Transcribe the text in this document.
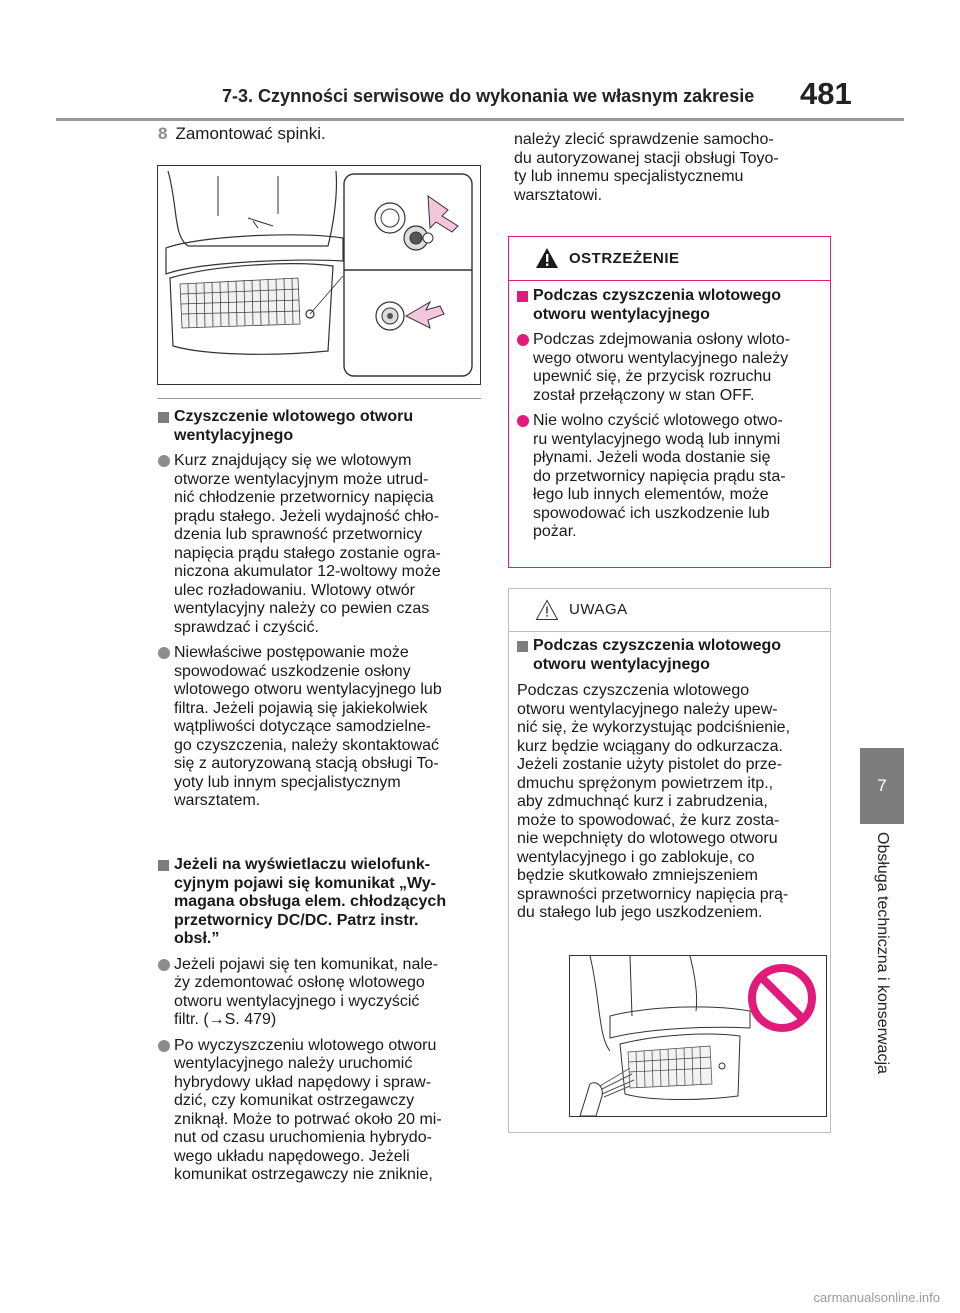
7-3. Czynności serwisowe do wykonania we własnym zakresie 481
7
Obsługa techniczna i konserwacja
8 Zamontować spinki.
Czyszczenie wlotowego otworu
wentylacyjnego
Kurz znajdujący się we wlotowym
otworze wentylacyjnym może utrud-
nić chłodzenie przetwornicy napięcia
prądu stałego. Jeżeli wydajność chło-
dzenia lub sprawność przetwornicy
napięcia prądu stałego zostanie ogra-
niczona akumulator 12-woltowy może
ulec rozładowaniu. Wlotowy otwór
wentylacyjny należy co pewien czas
sprawdzać i czyścić.
Niewłaściwe postępowanie może
spowodować uszkodzenie osłony
wlotowego otworu wentylacyjnego lub
filtra. Jeżeli pojawią się jakiekolwiek
wątpliwości dotyczące samodzielne-
go czyszczenia, należy skontaktować
się z autoryzowaną stacją obsługi To-
yoty lub innym specjalistycznym
warsztatem.
Jeżeli na wyświetlaczu wielofunk-
cyjnym pojawi się komunikat „Wy-
magana obsługa elem. chłodzących
przetwornicy DC/DC. Patrz instr.
obsł.”
Jeżeli pojawi się ten komunikat, nale-
ży zdemontować osłonę wlotowego
otworu wentylacyjnego i wyczyścić
filtr. (→S. 479)
Po wyczyszczeniu wlotowego otworu
wentylacyjnego należy uruchomić
hybrydowy układ napędowy i spraw-
dzić, czy komunikat ostrzegawczy
zniknął. Może to potrwać około 20 mi-
nut od czasu uruchomienia hybrydo-
wego układu napędowego. Jeżeli
komunikat ostrzegawczy nie zniknie,
należy zlecić sprawdzenie samocho-
du autoryzowanej stacji obsługi Toyo-
ty lub innemu specjalistycznemu
warsztatowi.
OSTRZEŻENIE
Podczas czyszczenia wlotowego
otworu wentylacyjnego
Podczas zdejmowania osłony wloto-
wego otworu wentylacyjnego należy
upewnić się, że przycisk rozruchu
został przełączony w stan OFF.
Nie wolno czyścić wlotowego otwo-
ru wentylacyjnego wodą lub innymi
płynami. Jeżeli woda dostanie się
do przetwornicy napięcia prądu sta-
łego lub innych elementów, może
spowodować ich uszkodzenie lub
pożar.
UWAGA
Podczas czyszczenia wlotowego
otworu wentylacyjnego
Podczas czyszczenia wlotowego
otworu wentylacyjnego należy upew-
nić się, że wykorzystując podciśnienie,
kurz będzie wciągany do odkurzacza.
Jeżeli zostanie użyty pistolet do prze-
dmuchu sprężonym powietrzem itp.,
aby zdmuchnąć kurz i zabrudzenia,
może to spowodować, że kurz zosta-
nie wepchnięty do wlotowego otworu
wentylacyjnego i go zablokuje, co
będzie skutkowało zmniejszeniem
sprawności przetwornicy napięcia prą-
du stałego lub jego uszkodzeniem.
carmanualsonline.info
